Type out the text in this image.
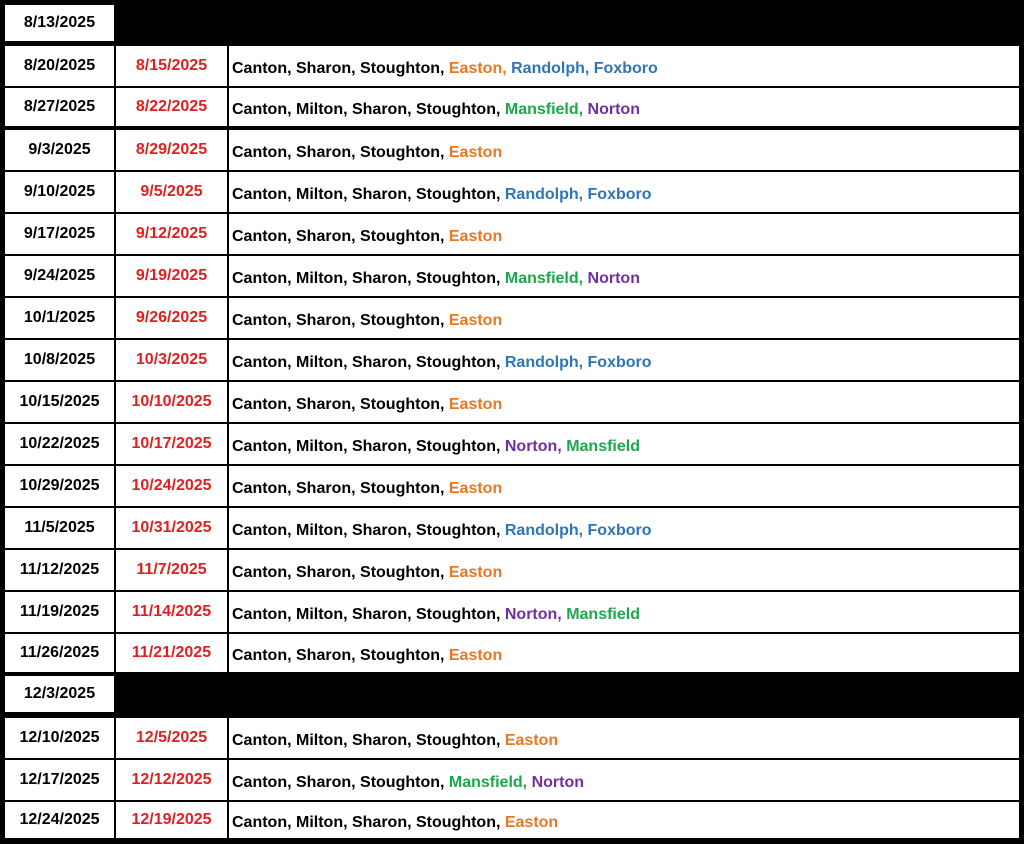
8/13/2025
8/20/2025	8/15/2025	Canton , Sharon , Stoughton , Easton , Randolph , Foxboro
8/27/2025	8/22/2025	Canton , Milton , Sharon , Stoughton , Mansfield , Norton
9/3/2025	8/29/2025	Canton , Sharon , Stoughton , Easton
9/10/2025	9/5/2025	Canton , Milton , Sharon , Stoughton , Randolph , Foxboro
9/17/2025	9/12/2025	Canton , Sharon , Stoughton , Easton
9/24/2025	9/19/2025	Canton , Milton , Sharon , Stoughton , Mansfield , Norton
10/1/2025	9/26/2025	Canton , Sharon , Stoughton , Easton
10/8/2025	10/3/2025	Canton , Milton , Sharon , Stoughton , Randolph , Foxboro
10/15/2025	10/10/2025	Canton , Sharon , Stoughton , Easton
10/22/2025	10/17/2025	Canton , Milton , Sharon , Stoughton , Norton , Mansfield
10/29/2025	10/24/2025	Canton , Sharon , Stoughton , Easton
11/5/2025	10/31/2025	Canton , Milton , Sharon , Stoughton , Randolph , Foxboro
11/12/2025	11/7/2025	Canton , Sharon , Stoughton , Easton
11/19/2025	11/14/2025	Canton , Milton , Sharon , Stoughton , Norton , Mansfield
11/26/2025	11/21/2025	Canton , Sharon , Stoughton , Easton
12/3/2025
12/10/2025	12/5/2025	Canton , Milton , Sharon , Stoughton , Easton
12/17/2025	12/12/2025	Canton , Sharon , Stoughton , Mansfield , Norton
12/24/2025	12/19/2025	Canton , Milton , Sharon , Stoughton , Easton
